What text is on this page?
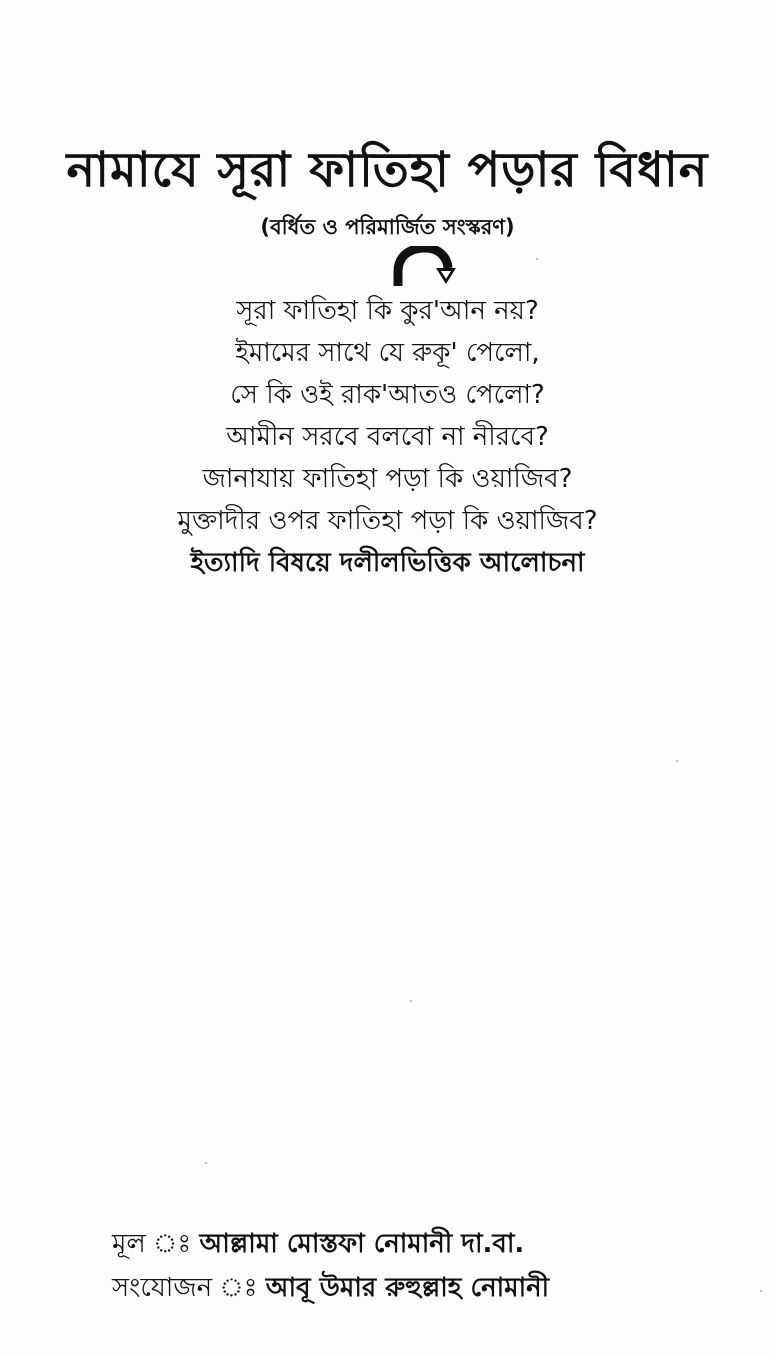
নামাযে সূরা ফাতিহা পড়ার বিধান
(বর্ধিত ও পরিমার্জিত সংস্করণ)
সূরা ফাতিহা কি কুর'আন নয়?
ইমামের সাথে যে রুকূ' পেলো,
সে কি ওই রাক'আতও পেলো?
আমীন সরবে বলবো না নীরবে?
জানাযায় ফাতিহা পড়া কি ওয়াজিব?
মুক্তাদীর ওপর ফাতিহা পড়া কি ওয়াজিব?
ইত্যাদি বিষয়ে দলীলভিত্তিক আলোচনা
মূল ঃ আল্লামা মোস্তফা নোমানী দা.বা.
সংযোজন ঃ আবূ উমার রুহুল্লাহ নোমানী
